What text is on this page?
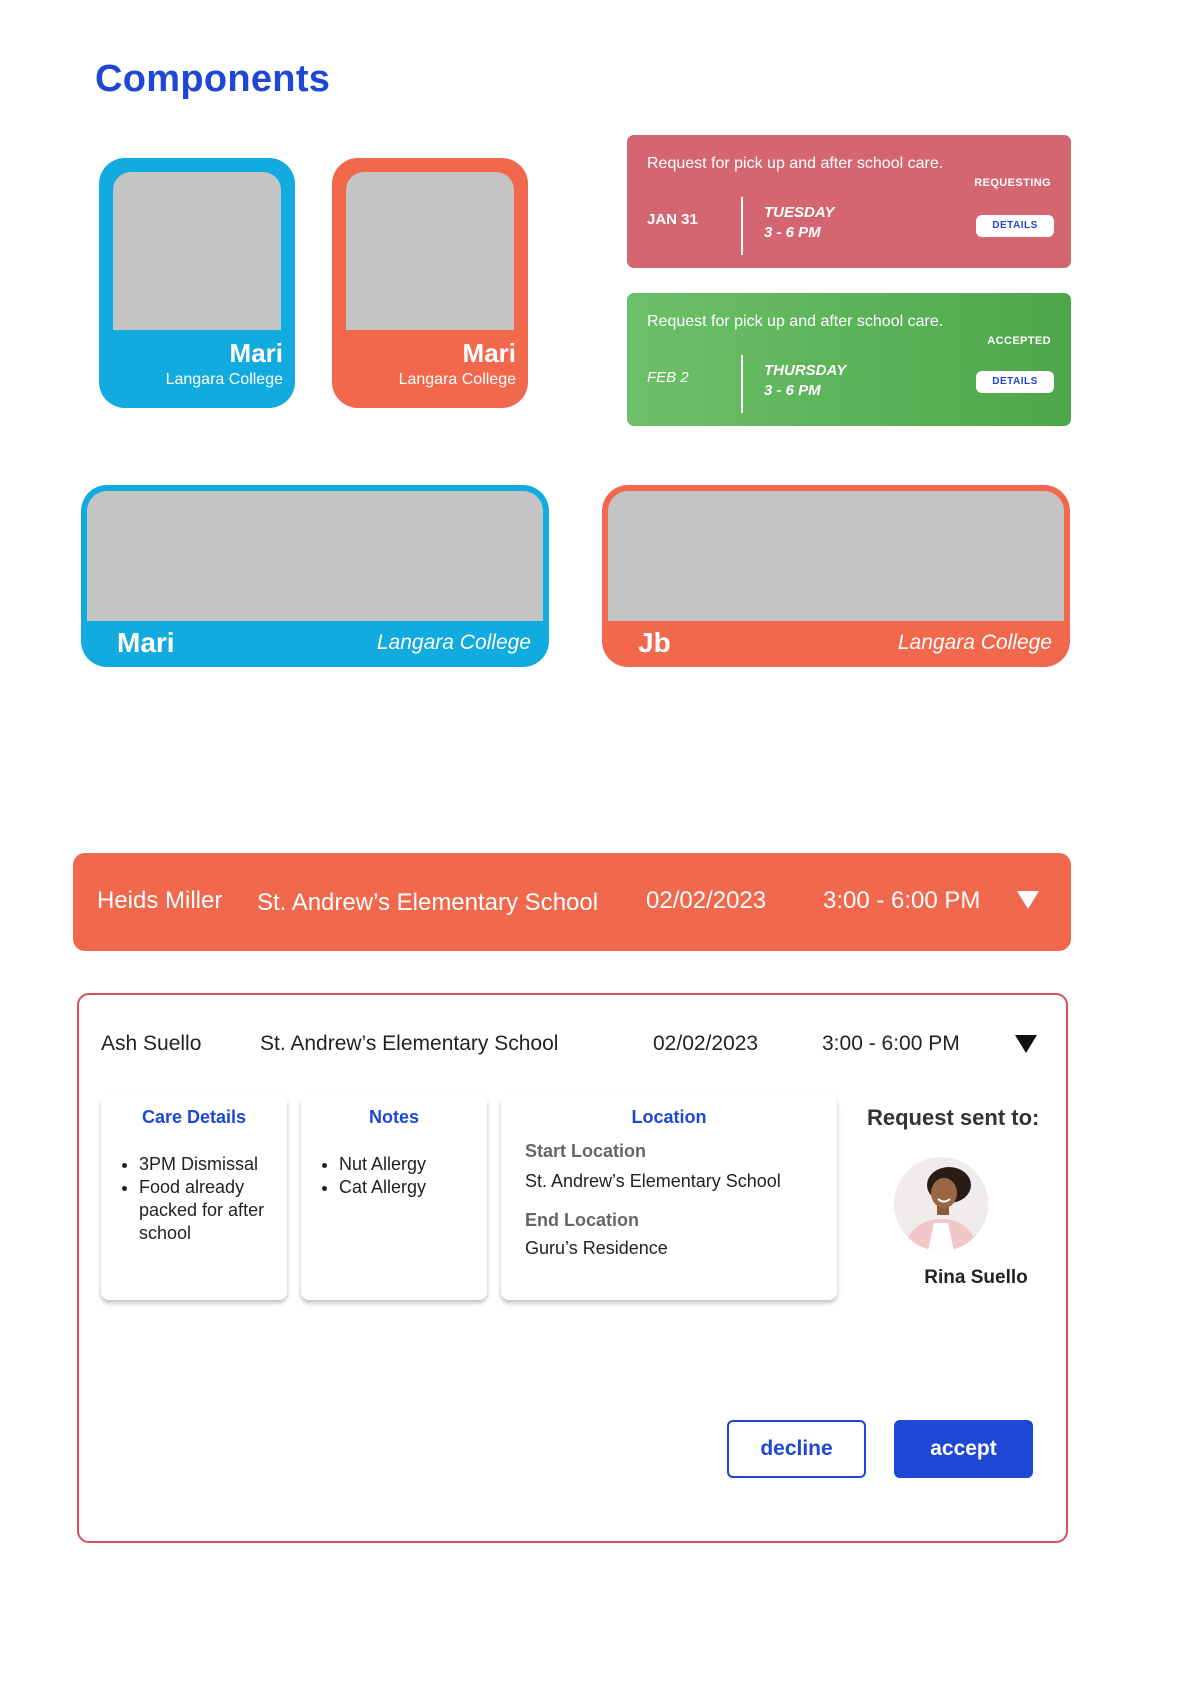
Components
Mari
Langara College
Mari
Langara College
Request for pick up and after school care.
REQUESTING
JAN 31	TUESDAY
3 - 6 PM	DETAILS
Request for pick up and after school care.
ACCEPTED
FEB 2	THURSDAY
3 - 6 PM
DETAILS
Mari	Langara College	Jb	Langara College
Heids Miller St. Andrew’s Elementary School 02/02/2023 3:00 - 6:00 PM
Ash Suello	St. Andrew’s Elementary School	02/02/2023	3:00 - 6:00 PM
Care Details
• 3PM Dismissal
• Food already packed for after school
Notes
• Nut Allergy
• Cat Allergy
Location
Start Location
St. Andrew’s Elementary School
End Location
Guru’s Residence
Request sent to:
Rina Suello
decline	accept
